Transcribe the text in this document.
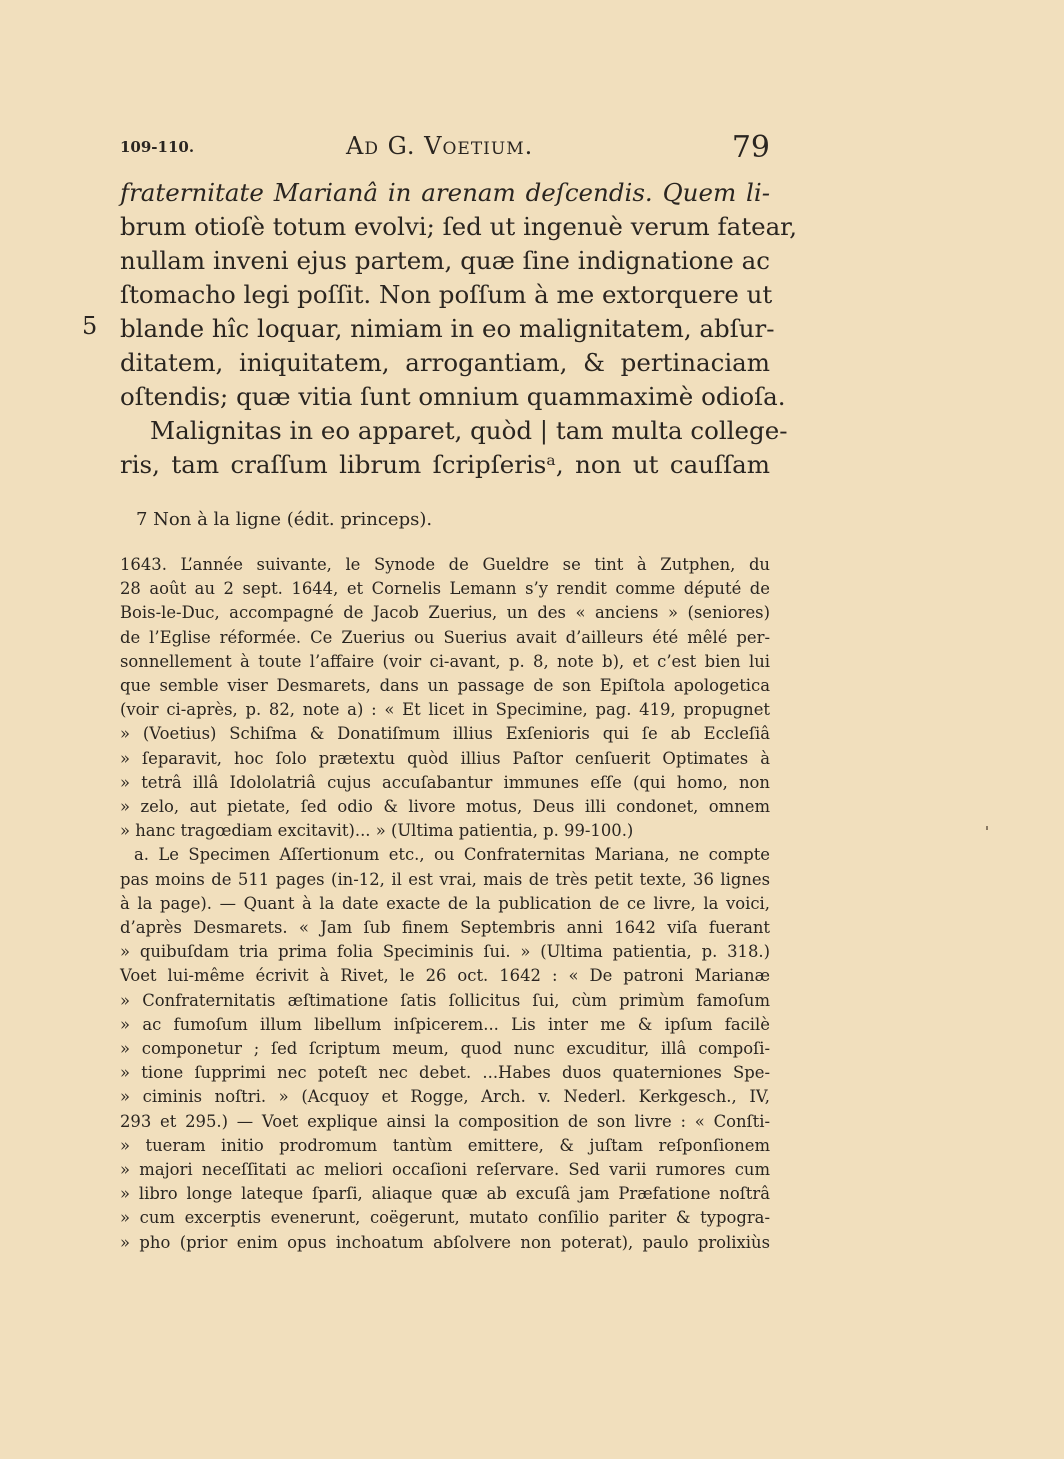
109-110.	Ad G. Voetium.	79
5
fraternitate Marianâ in arenam deſcendis. Quem li-
brum otioſè totum evolvi; ſed ut ingenuè verum fatear,
nullam inveni ejus partem, quæ ſine indignatione ac
ſtomacho legi poſſit. Non poſſum à me extorquere ut
blande hîc loquar, nimiam in eo malignitatem, abſur-
ditatem, iniquitatem, arrogantiam, & pertinaciam
oſtendis; quæ vitia ſunt omnium quammaximè odioſa.
Malignitas in eo apparet, quòd | tam multa college-
ris, tam craſſum librum ſcripſerisᵃ, non ut cauſſam
7 Non à la ligne (édit. princeps).
1643. L’année suivante, le Synode de Gueldre se tint à Zutphen, du
28 août au 2 sept. 1644, et Cornelis Lemann s’y rendit comme député de
Bois-le-Duc, accompagné de Jacob Zuerius, un des « anciens » (seniores)
de l’Eglise réformée. Ce Zuerius ou Suerius avait d’ailleurs été mêlé per-
sonnellement à toute l’affaire (voir ci-avant, p. 8, note b), et c’est bien lui
que semble viser Desmarets, dans un passage de son Epiſtola apologetica
(voir ci-après, p. 82, note a) : « Et licet in Specimine, pag. 419, propugnet
» (Voetius) Schiſma & Donatiſmum illius Exſenioris qui ſe ab Eccleſiâ
» ſeparavit, hoc ſolo prætextu quòd illius Paſtor cenſuerit Optimates à
» tetrâ illâ Idololatriâ cujus accuſabantur immunes eſſe (qui homo, non
» zelo, aut pietate, ſed odio & livore motus, Deus illi condonet, omnem
» hanc tragœdiam excitavit)... » (Ultima patientia, p. 99-100.)
a. Le Specimen Aſſertionum etc., ou Confraternitas Mariana, ne compte
pas moins de 511 pages (in-12, il est vrai, mais de très petit texte, 36 lignes
à la page). — Quant à la date exacte de la publication de ce livre, la voici,
d’après Desmarets. « Jam ſub finem Septembris anni 1642 viſa fuerant
» quibuſdam tria prima folia Speciminis ſui. » (Ultima patientia, p. 318.)
Voet lui-même écrivit à Rivet, le 26 oct. 1642 : « De patroni Marianæ
» Confraternitatis æſtimatione ſatis ſollicitus ſui, cùm primùm famoſum
» ac fumoſum illum libellum inſpicerem... Lis inter me & ipſum facilè
» componetur ; ſed ſcriptum meum, quod nunc excuditur, illâ compoſi-
» tione ſupprimi nec poteſt nec debet. ...Habes duos quaterniones Spe-
» ciminis noſtri. » (Acquoy et Rogge, Arch. v. Nederl. Kerkgesch., IV,
293 et 295.) — Voet explique ainsi la composition de son livre : « Conſti-
» tueram initio prodromum tantùm emittere, & juſtam reſponſionem
» majori neceſſitati ac meliori occaſioni reſervare. Sed varii rumores cum
» libro longe lateque ſparſi, aliaque quæ ab excuſâ jam Præfatione noſtrâ
» cum excerptis evenerunt, coëgerunt, mutato conſilio pariter & typogra-
» pho (prior enim opus inchoatum abſolvere non poterat), paulo prolixiùs
